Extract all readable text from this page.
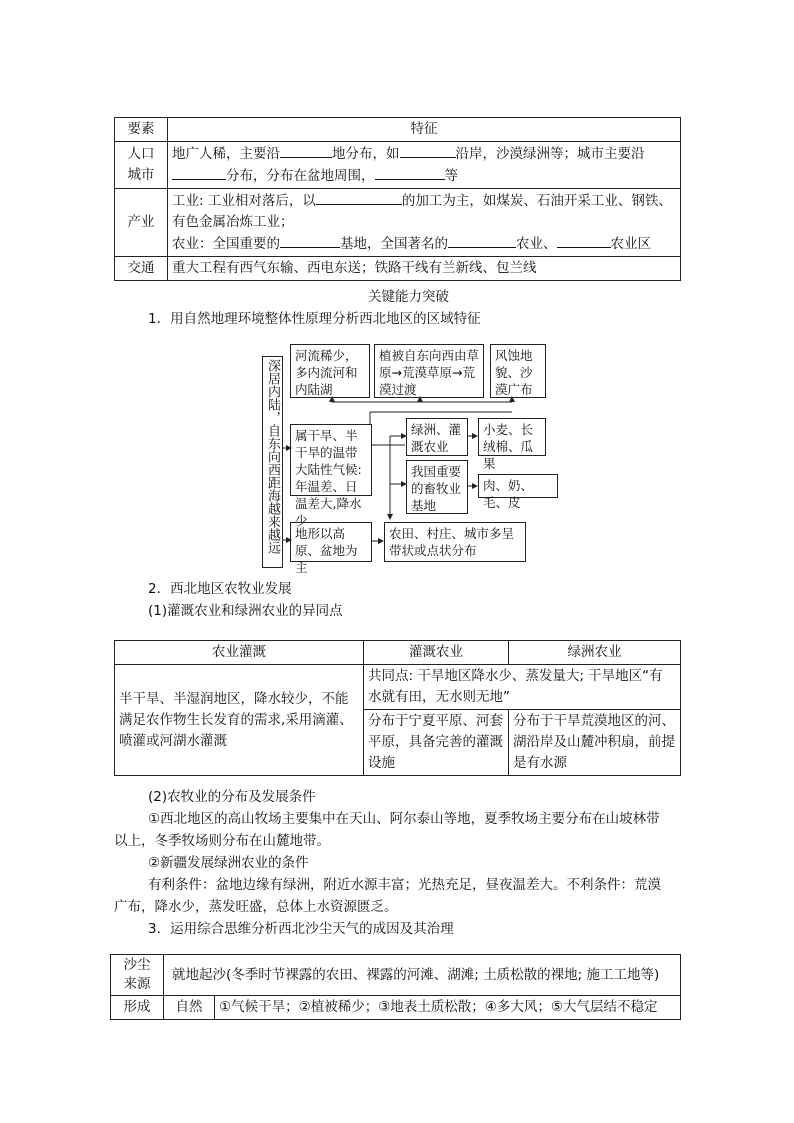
要素	特征
人口城市	地广人稀，主要沿 地分布，如 沿岸，沙漠绿洲等；城市主要沿
分布，分布在盆地周围， 等
产业	工业: 工业相对落后，以 的加工为主，如煤炭、石油开采工业、钢铁、
有色金属冶炼工业；
农业：全国重要的 基地，全国著名的 农业、 农业区
交通	重大工程有西气东输、西电东送；铁路干线有兰新线、包兰线
关键能力突破
1．用自然地理环境整体性原理分析西北地区的区域特征
深居内陆，自东向西距海越来越远
河流稀少，多内流河和内陆湖
植被自东向西由草原→荒漠草原→荒漠过渡
风蚀地貌、沙漠广布
属干旱、半干旱的温带大陆性气候:年温差、日温差大,降水少
绿洲、灌溉农业
小麦、长绒棉、瓜果
我国重要的畜牧业基地
肉、奶、毛、皮
地形以高原、盆地为主
农田、村庄、城市多呈带状或点状分布
2．西北地区农牧业发展
(1)灌溉农业和绿洲农业的异同点
农业灌溉	灌溉农业	绿洲农业
半干旱、半湿润地区，降水较少，不能满足农作物生长发育的需求,采用滴灌、喷灌或河湖水灌溉	共同点: 干旱地区降水少、蒸发量大; 干旱地区“有水就有田，无水则无地”	
	分布于宁夏平原、河套平原，具备完善的灌溉设施	分布于干旱荒漠地区的河、湖沿岸及山麓冲积扇，前提是有水源
(2)农牧业的分布及发展条件
①西北地区的高山牧场主要集中在天山、阿尔泰山等地，夏季牧场主要分布在山坡林带
以上，冬季牧场则分布在山麓地带。
②新疆发展绿洲农业的条件
有利条件：盆地边缘有绿洲，附近水源丰富；光热充足，昼夜温差大。不利条件：荒漠
广布，降水少，蒸发旺盛，总体上水资源匮乏。
3．运用综合思维分析西北沙尘天气的成因及其治理
沙尘来源	就地起沙(冬季时节裸露的农田、裸露的河滩、湖滩; 土质松散的裸地; 施工工地等)	
形成	自然	①气候干旱；②植被稀少；③地表土质松散；④多大风；⑤大气层结不稳定
